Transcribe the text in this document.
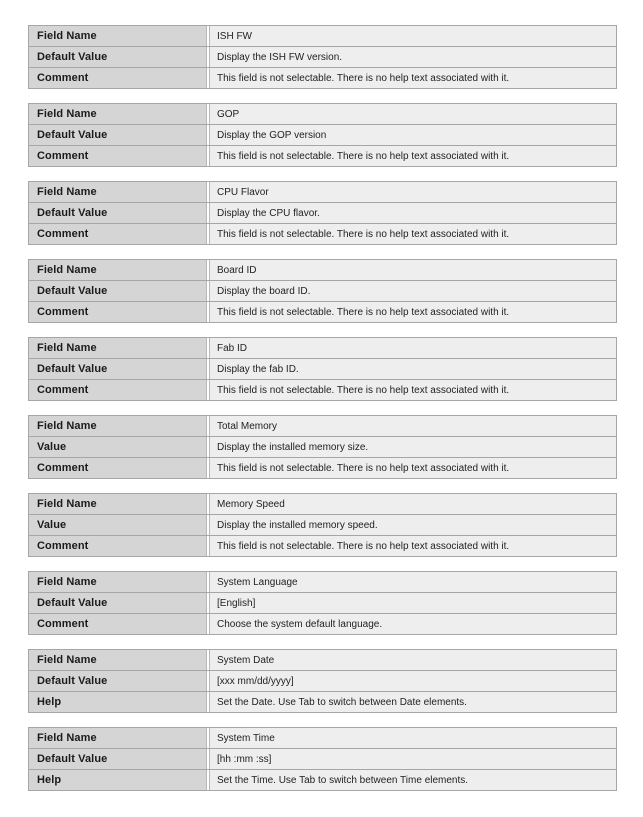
Field Name	ISH FW
Default Value	Display the ISH FW version.
Comment	This field is not selectable. There is no help text associated with it.
Field Name	GOP
Default Value	Display the GOP version
Comment	This field is not selectable. There is no help text associated with it.
Field Name	CPU Flavor
Default Value	Display the CPU flavor.
Comment	This field is not selectable. There is no help text associated with it.
Field Name	Board ID
Default Value	Display the board ID.
Comment	This field is not selectable. There is no help text associated with it.
Field Name	Fab ID
Default Value	Display the fab ID.
Comment	This field is not selectable. There is no help text associated with it.
Field Name	Total Memory
Value	Display the installed memory size.
Comment	This field is not selectable. There is no help text associated with it.
Field Name	Memory Speed
Value	Display the installed memory speed.
Comment	This field is not selectable. There is no help text associated with it.
Field Name	System Language
Default Value	[English]
Comment	Choose the system default language.
Field Name	System Date
Default Value	[xxx mm/dd/yyyy]
Help	Set the Date. Use Tab to switch between Date elements.
Field Name	System Time
Default Value	[hh :mm :ss]
Help	Set the Time. Use Tab to switch between Time elements.
